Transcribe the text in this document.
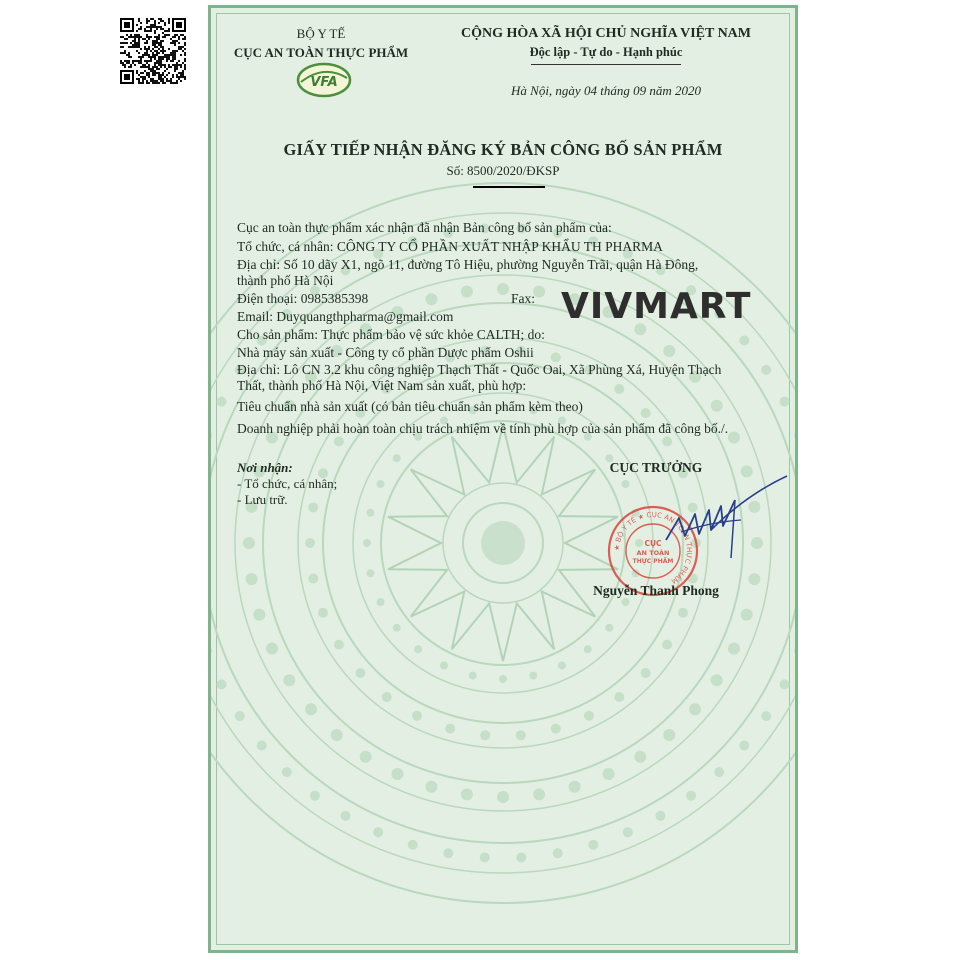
BỘ Y TẾ
CỤC AN TOÀN THỰC PHẨM
VFA
CỘNG HÒA XÃ HỘI CHỦ NGHĨA VIỆT NAM
Độc lập - Tự do - Hạnh phúc
Hà Nội, ngày 04 tháng 09 năm 2020
GIẤY TIẾP NHẬN ĐĂNG KÝ BẢN CÔNG BỐ SẢN PHẨM
Số: 8500/2020/ĐKSP
Cục an toàn thực phẩm xác nhận đã nhận Bản công bố sản phẩm của:
Tổ chức, cá nhân: CÔNG TY CỔ PHẦN XUẤT NHẬP KHẨU TH PHARMA
Địa chỉ: Số 10 dãy X1, ngõ 11, đường Tô Hiệu, phường Nguyễn Trãi, quận Hà Đông,
thành phố Hà Nội
Điện thoại: 0985385398	Fax: VIVMART
Email: Duyquangthpharma@gmail.com
Cho sản phẩm: Thực phẩm bảo vệ sức khỏe CALTH; do:
Nhà máy sản xuất - Công ty cổ phần Dược phẩm Oshii
Địa chỉ: Lô CN 3.2 khu công nghiệp Thạch Thất - Quốc Oai, Xã Phùng Xá, Huyện Thạch
Thất, thành phố Hà Nội, Việt Nam sản xuất, phù hợp:
Tiêu chuẩn nhà sản xuất (có bản tiêu chuẩn sản phẩm kèm theo)
Doanh nghiệp phải hoàn toàn chịu trách nhiệm về tính phù hợp của sản phẩm đã công bố./.
Nơi nhận:
- Tổ chức, cá nhân;
- Lưu trữ.
CỤC TRƯỞNG
★ BỘ Y TẾ ★ CỤC AN TOÀN THỰC PHẨM
CỤC
AN TOÀN
THỰC PHẨM
Nguyễn Thanh Phong
